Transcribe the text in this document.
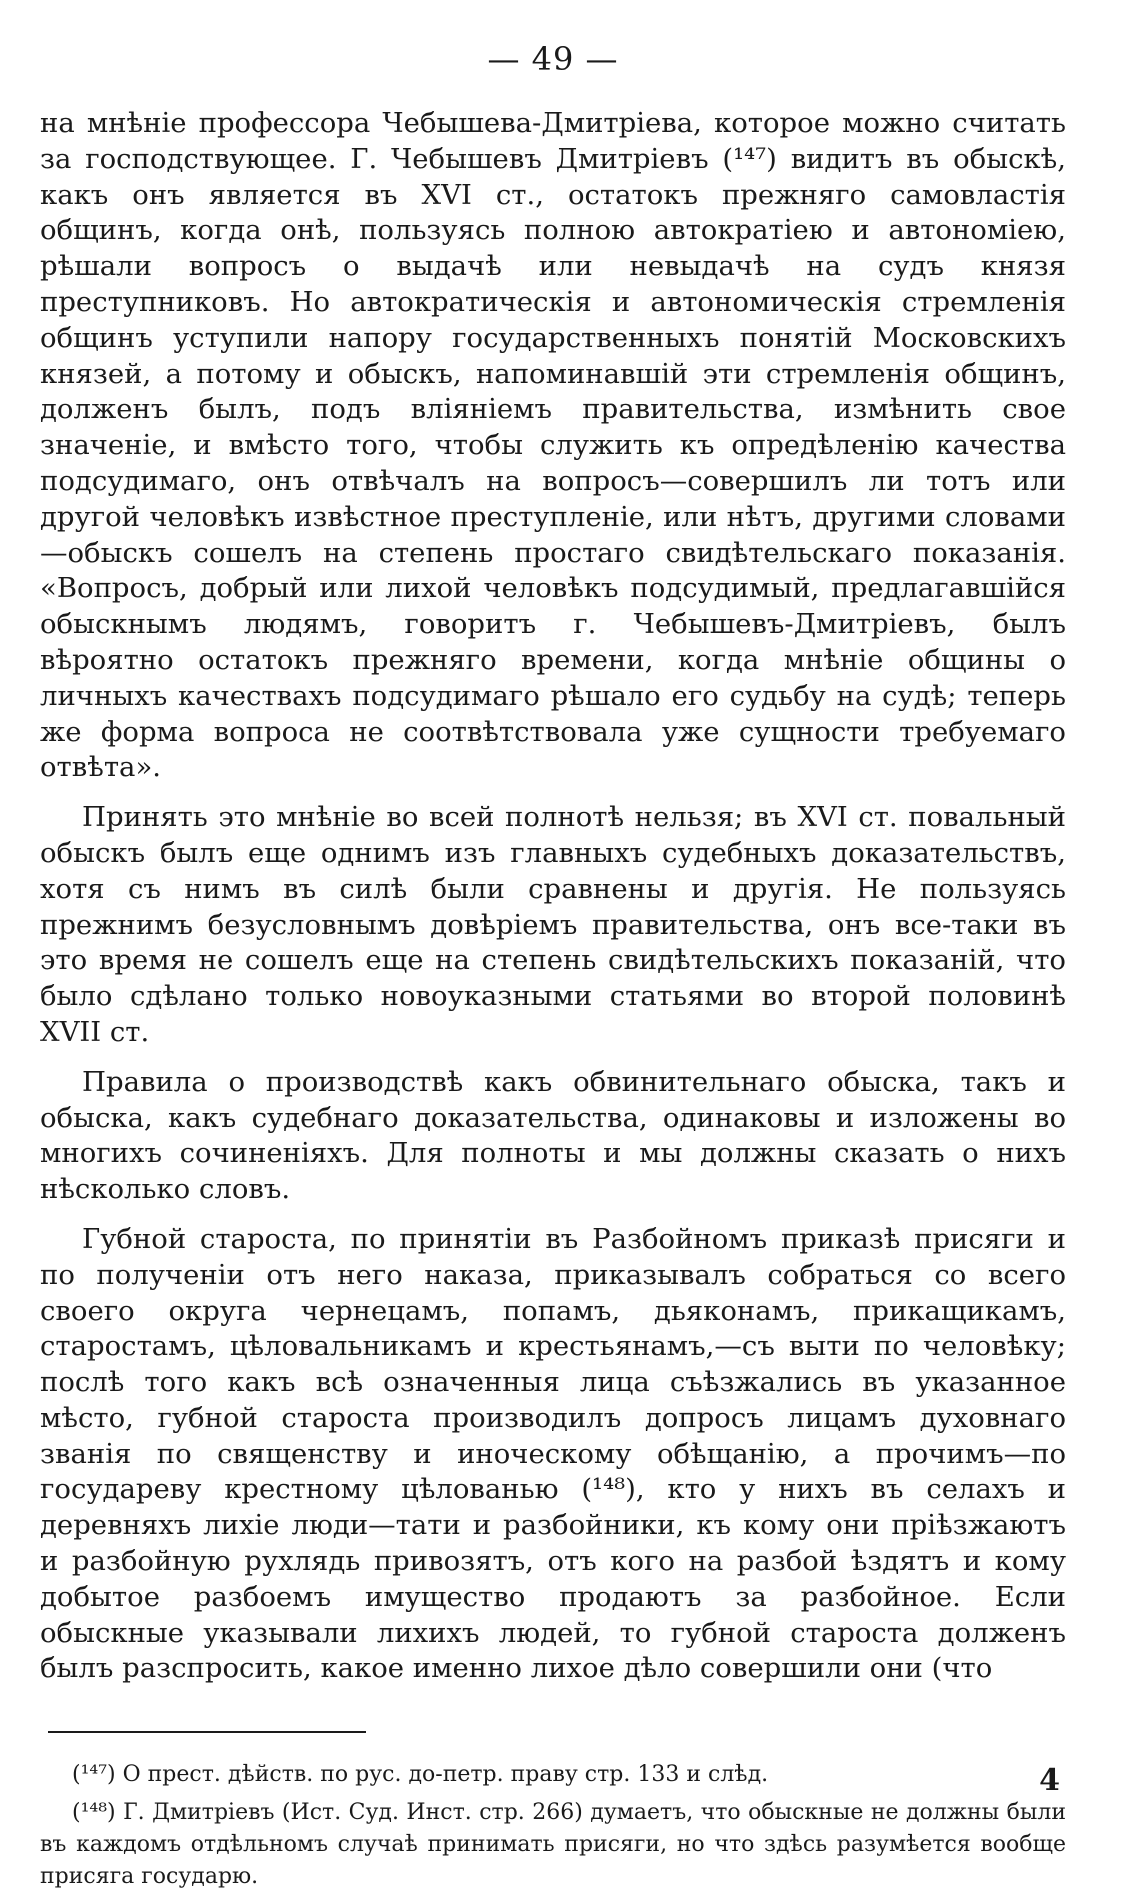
— 49 —

на мнѣніе профессора Чебышева-Дмитріева, которое можно считать за господствующее. Г. Чебышевъ Дмитріевъ (¹⁴⁷) видитъ въ обыскѣ, какъ онъ является въ XVI ст., остатокъ прежняго самовластія общинъ, когда онѣ, пользуясь полною автократіею и автономіею, рѣшали вопросъ о выдачѣ или невыдачѣ на судъ князя преступниковъ. Но автократическія и автономическія стремленія общинъ уступили напору государственныхъ понятій Московскихъ князей, а потому и обыскъ, напоминавшій эти стремленія общинъ, долженъ былъ, подъ вліяніемъ правительства, измѣнить свое значеніе, и вмѣсто того, чтобы служить къ опредѣленію качества подсудимаго, онъ отвѣчалъ на вопросъ—совершилъ ли тотъ или другой человѣкъ извѣстное преступленіе, или нѣтъ, другими словами—обыскъ сошелъ на степень простаго свидѣтельскаго показанія. «Вопросъ, добрый или лихой человѣкъ подсудимый, предлагавшійся обыскнымъ людямъ, говоритъ г. Чебышевъ-Дмитріевъ, былъ вѣроятно остатокъ прежняго времени, когда мнѣніе общины о личныхъ качествахъ подсудимаго рѣшало его судьбу на судѣ; теперь же форма вопроса не соотвѣтствовала уже сущности требуемаго отвѣта».

Принять это мнѣніе во всей полнотѣ нельзя; въ XVI ст. повальный обыскъ былъ еще однимъ изъ главныхъ судебныхъ доказательствъ, хотя съ нимъ въ силѣ были сравнены и другія. Не пользуясь прежнимъ безусловнымъ довѣріемъ правительства, онъ все-таки въ это время не сошелъ еще на степень свидѣтельскихъ показаній, что было сдѣлано только новоуказными статьями во второй половинѣ XVII ст.

Правила о производствѣ какъ обвинительнаго обыска, такъ и обыска, какъ судебнаго доказательства, одинаковы и изложены во многихъ сочиненіяхъ. Для полноты и мы должны сказать о нихъ нѣсколько словъ.

Губной староста, по принятіи въ Разбойномъ приказѣ присяги и по полученіи отъ него наказа, приказывалъ собраться со всего своего округа чернецамъ, попамъ, дьяконамъ, прикащикамъ, старостамъ, цѣловальникамъ и крестьянамъ,—съ выти по человѣку; послѣ того какъ всѣ означенныя лица съѣзжались въ указанное мѣсто, губной староста производилъ допросъ лицамъ духовнаго званія по священству и иноческому обѣщанію, а прочимъ—по государеву крестному цѣлованью (¹⁴⁸), кто у нихъ въ селахъ и деревняхъ лихіе люди—тати и разбойники, къ кому они пріѣзжаютъ и разбойную рухлядь привозятъ, отъ кого на разбой ѣздятъ и кому добытое разбоемъ имущество продаютъ за разбойное. Если обыскные указывали лихихъ людей, то губной староста долженъ былъ разспросить, какое именно лихое дѣло совершили они (что

(¹⁴⁷) О прест. дѣйств. по рус. до-петр. праву стр. 133 и слѣд.

(¹⁴⁸) Г. Дмитріевъ (Ист. Суд. Инст. стр. 266) думаетъ, что обыскные не должны были въ каждомъ отдѣльномъ случаѣ принимать присяги, но что здѣсь разумѣется вообще присяга государю.

4
